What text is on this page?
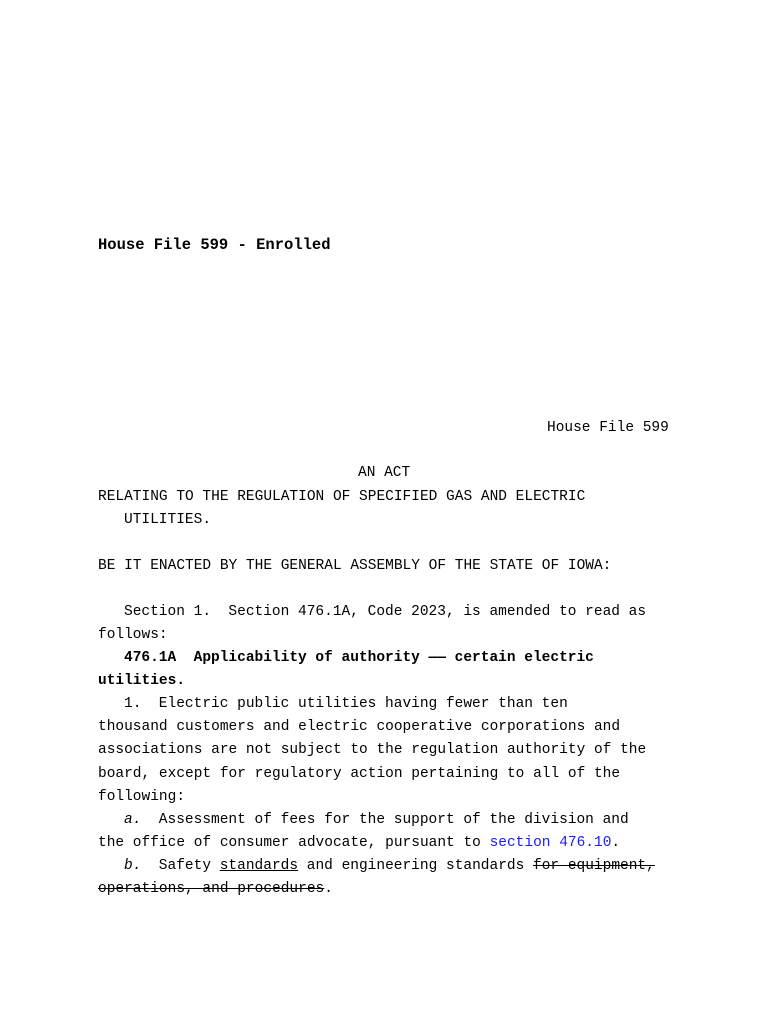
House File 599 - Enrolled
House File 599
AN ACT
RELATING TO THE REGULATION OF SPECIFIED GAS AND ELECTRIC
UTILITIES.
BE IT ENACTED BY THE GENERAL ASSEMBLY OF THE STATE OF IOWA:
Section 1.  Section 476.1A, Code 2023, is amended to read as
follows:
476.1A  Applicability of authority —— certain electric
utilities.
1.  Electric public utilities having fewer than ten
thousand customers and electric cooperative corporations and
associations are not subject to the regulation authority of the
board, except for regulatory action pertaining to all of the
following:
a.  Assessment of fees for the support of the division and
the office of consumer advocate, pursuant to section 476.10.
b.  Safety standards and engineering standards for equipment,
operations, and procedures.
